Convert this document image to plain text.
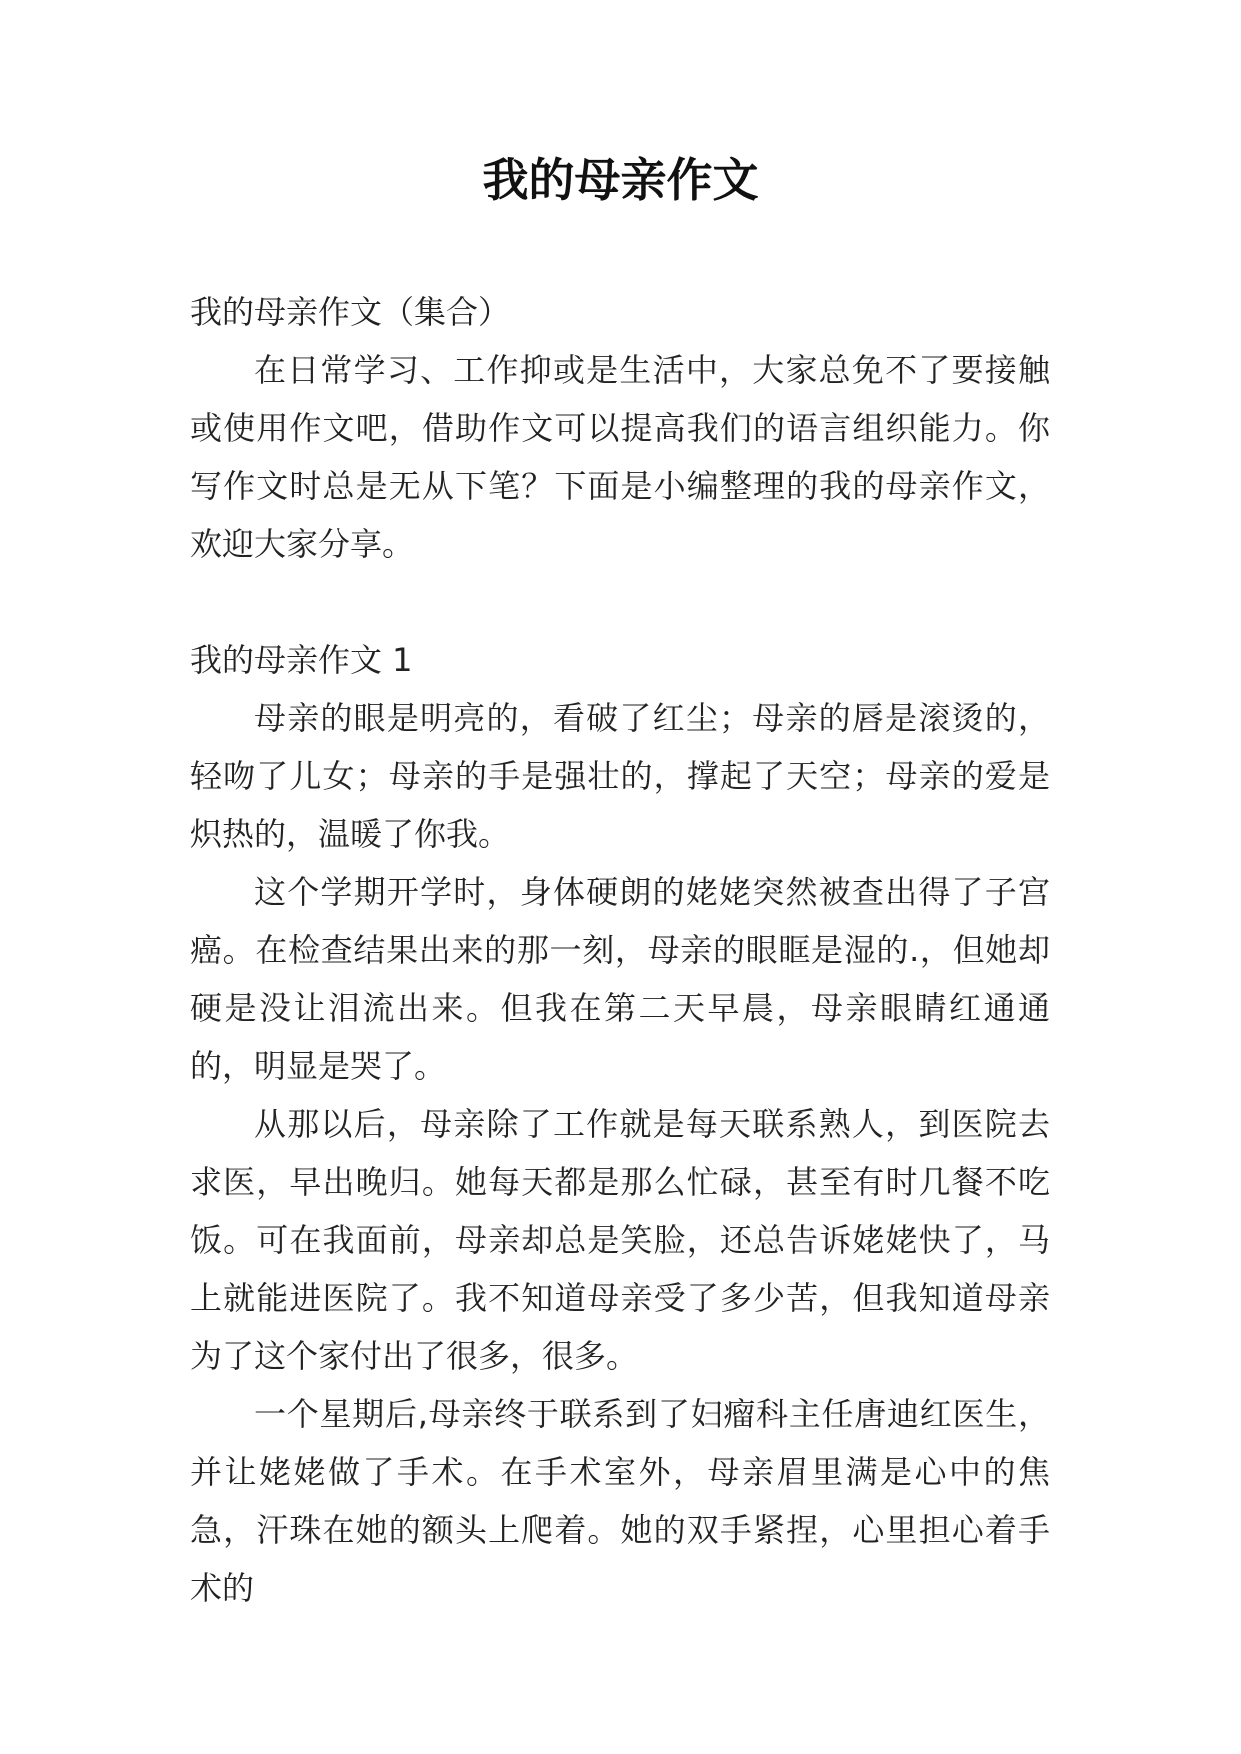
我的母亲作文

我的母亲作文（集合）

在日常学习、工作抑或是生活中，大家总免不了要接触或使用作文吧，借助作文可以提高我们的语言组织能力。你写作文时总是无从下笔？下面是小编整理的我的母亲作文，欢迎大家分享。

我的母亲作文 1

母亲的眼是明亮的，看破了红尘；母亲的唇是滚烫的，轻吻了儿女；母亲的手是强壮的，撑起了天空；母亲的爱是炽热的，温暖了你我。

这个学期开学时，身体硬朗的姥姥突然被查出得了子宫癌。在检查结果出来的那一刻，母亲的眼眶是湿的.，但她却硬是没让泪流出来。但我在第二天早晨，母亲眼睛红通通的，明显是哭了。

从那以后，母亲除了工作就是每天联系熟人，到医院去求医，早出晚归。她每天都是那么忙碌，甚至有时几餐不吃饭。可在我面前，母亲却总是笑脸，还总告诉姥姥快了，马上就能进医院了。我不知道母亲受了多少苦，但我知道母亲为了这个家付出了很多，很多。

一个星期后,母亲终于联系到了妇瘤科主任唐迪红医生，并让姥姥做了手术。在手术室外，母亲眉里满是心中的焦急，汗珠在她的额头上爬着。她的双手紧捏，心里担心着手术的
